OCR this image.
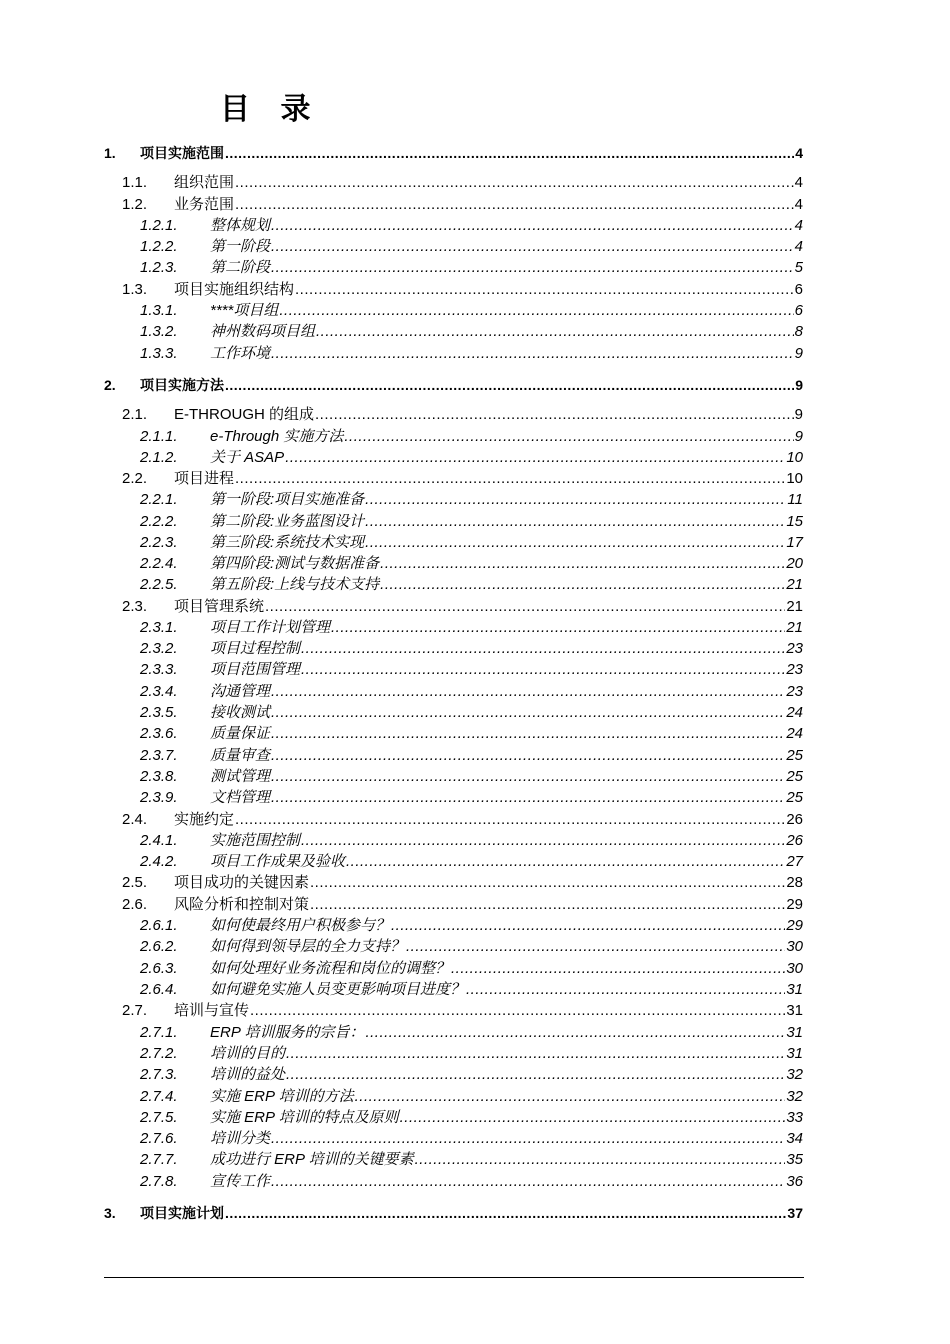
目 录
1. 项目实施范围 .....	4
1.1. 组织范围 .....	4
1.2. 业务范围 .....	4
1.2.1. 整体规划 .....	4
1.2.2. 第一阶段 .....	4
1.2.3. 第二阶段 .....	5
1.3. 项目实施组织结构 .....	6
1.3.1. ****项目组 .....	6
1.3.2. 神州数码项目组 .....	8
1.3.3. 工作环境 .....	9
2. 项目实施方法 .....	9
2.1. E-THROUGH 的组成 .....	9
2.1.1. e-Through 实施方法 .....	9
2.1.2. 关于 ASAP .....	10
2.2. 项目进程 .....	10
2.2.1. 第一阶段:项目实施准备 .....	11
2.2.2. 第二阶段:业务蓝图设计 .....	15
2.2.3. 第三阶段:系统技术实现 .....	17
2.2.4. 第四阶段:测试与数据准备 .....	20
2.2.5. 第五阶段:上线与技术支持 .....	21
2.3. 项目管理系统 .....	21
2.3.1. 项目工作计划管理 .....	21
2.3.2. 项目过程控制 .....	23
2.3.3. 项目范围管理 .....	23
2.3.4. 沟通管理 .....	23
2.3.5. 接收测试 .....	24
2.3.6. 质量保证 .....	24
2.3.7. 质量审查 .....	25
2.3.8. 测试管理 .....	25
2.3.9. 文档管理 .....	25
2.4. 实施约定 .....	26
2.4.1. 实施范围控制 .....	26
2.4.2. 项目工作成果及验收 .....	27
2.5. 项目成功的关键因素 .....	28
2.6. 风险分析和控制对策 .....	29
2.6.1. 如何使最终用户积极参与？ .....	29
2.6.2. 如何得到领导层的全力支持？ .....	30
2.6.3. 如何处理好业务流程和岗位的调整？ .....	30
2.6.4. 如何避免实施人员变更影响项目进度？ .....	31
2.7. 培训与宣传 .....	31
2.7.1. ERP 培训服务的宗旨： .....	31
2.7.2. 培训的目的 .....	31
2.7.3. 培训的益处 .....	32
2.7.4. 实施 ERP 培训的方法 .....	32
2.7.5. 实施 ERP 培训的特点及原则 .....	33
2.7.6. 培训分类 .....	34
2.7.7. 成功进行 ERP 培训的关键要素 .....	35
2.7.8. 宣传工作 .....	36
3. 项目实施计划 .....	37
